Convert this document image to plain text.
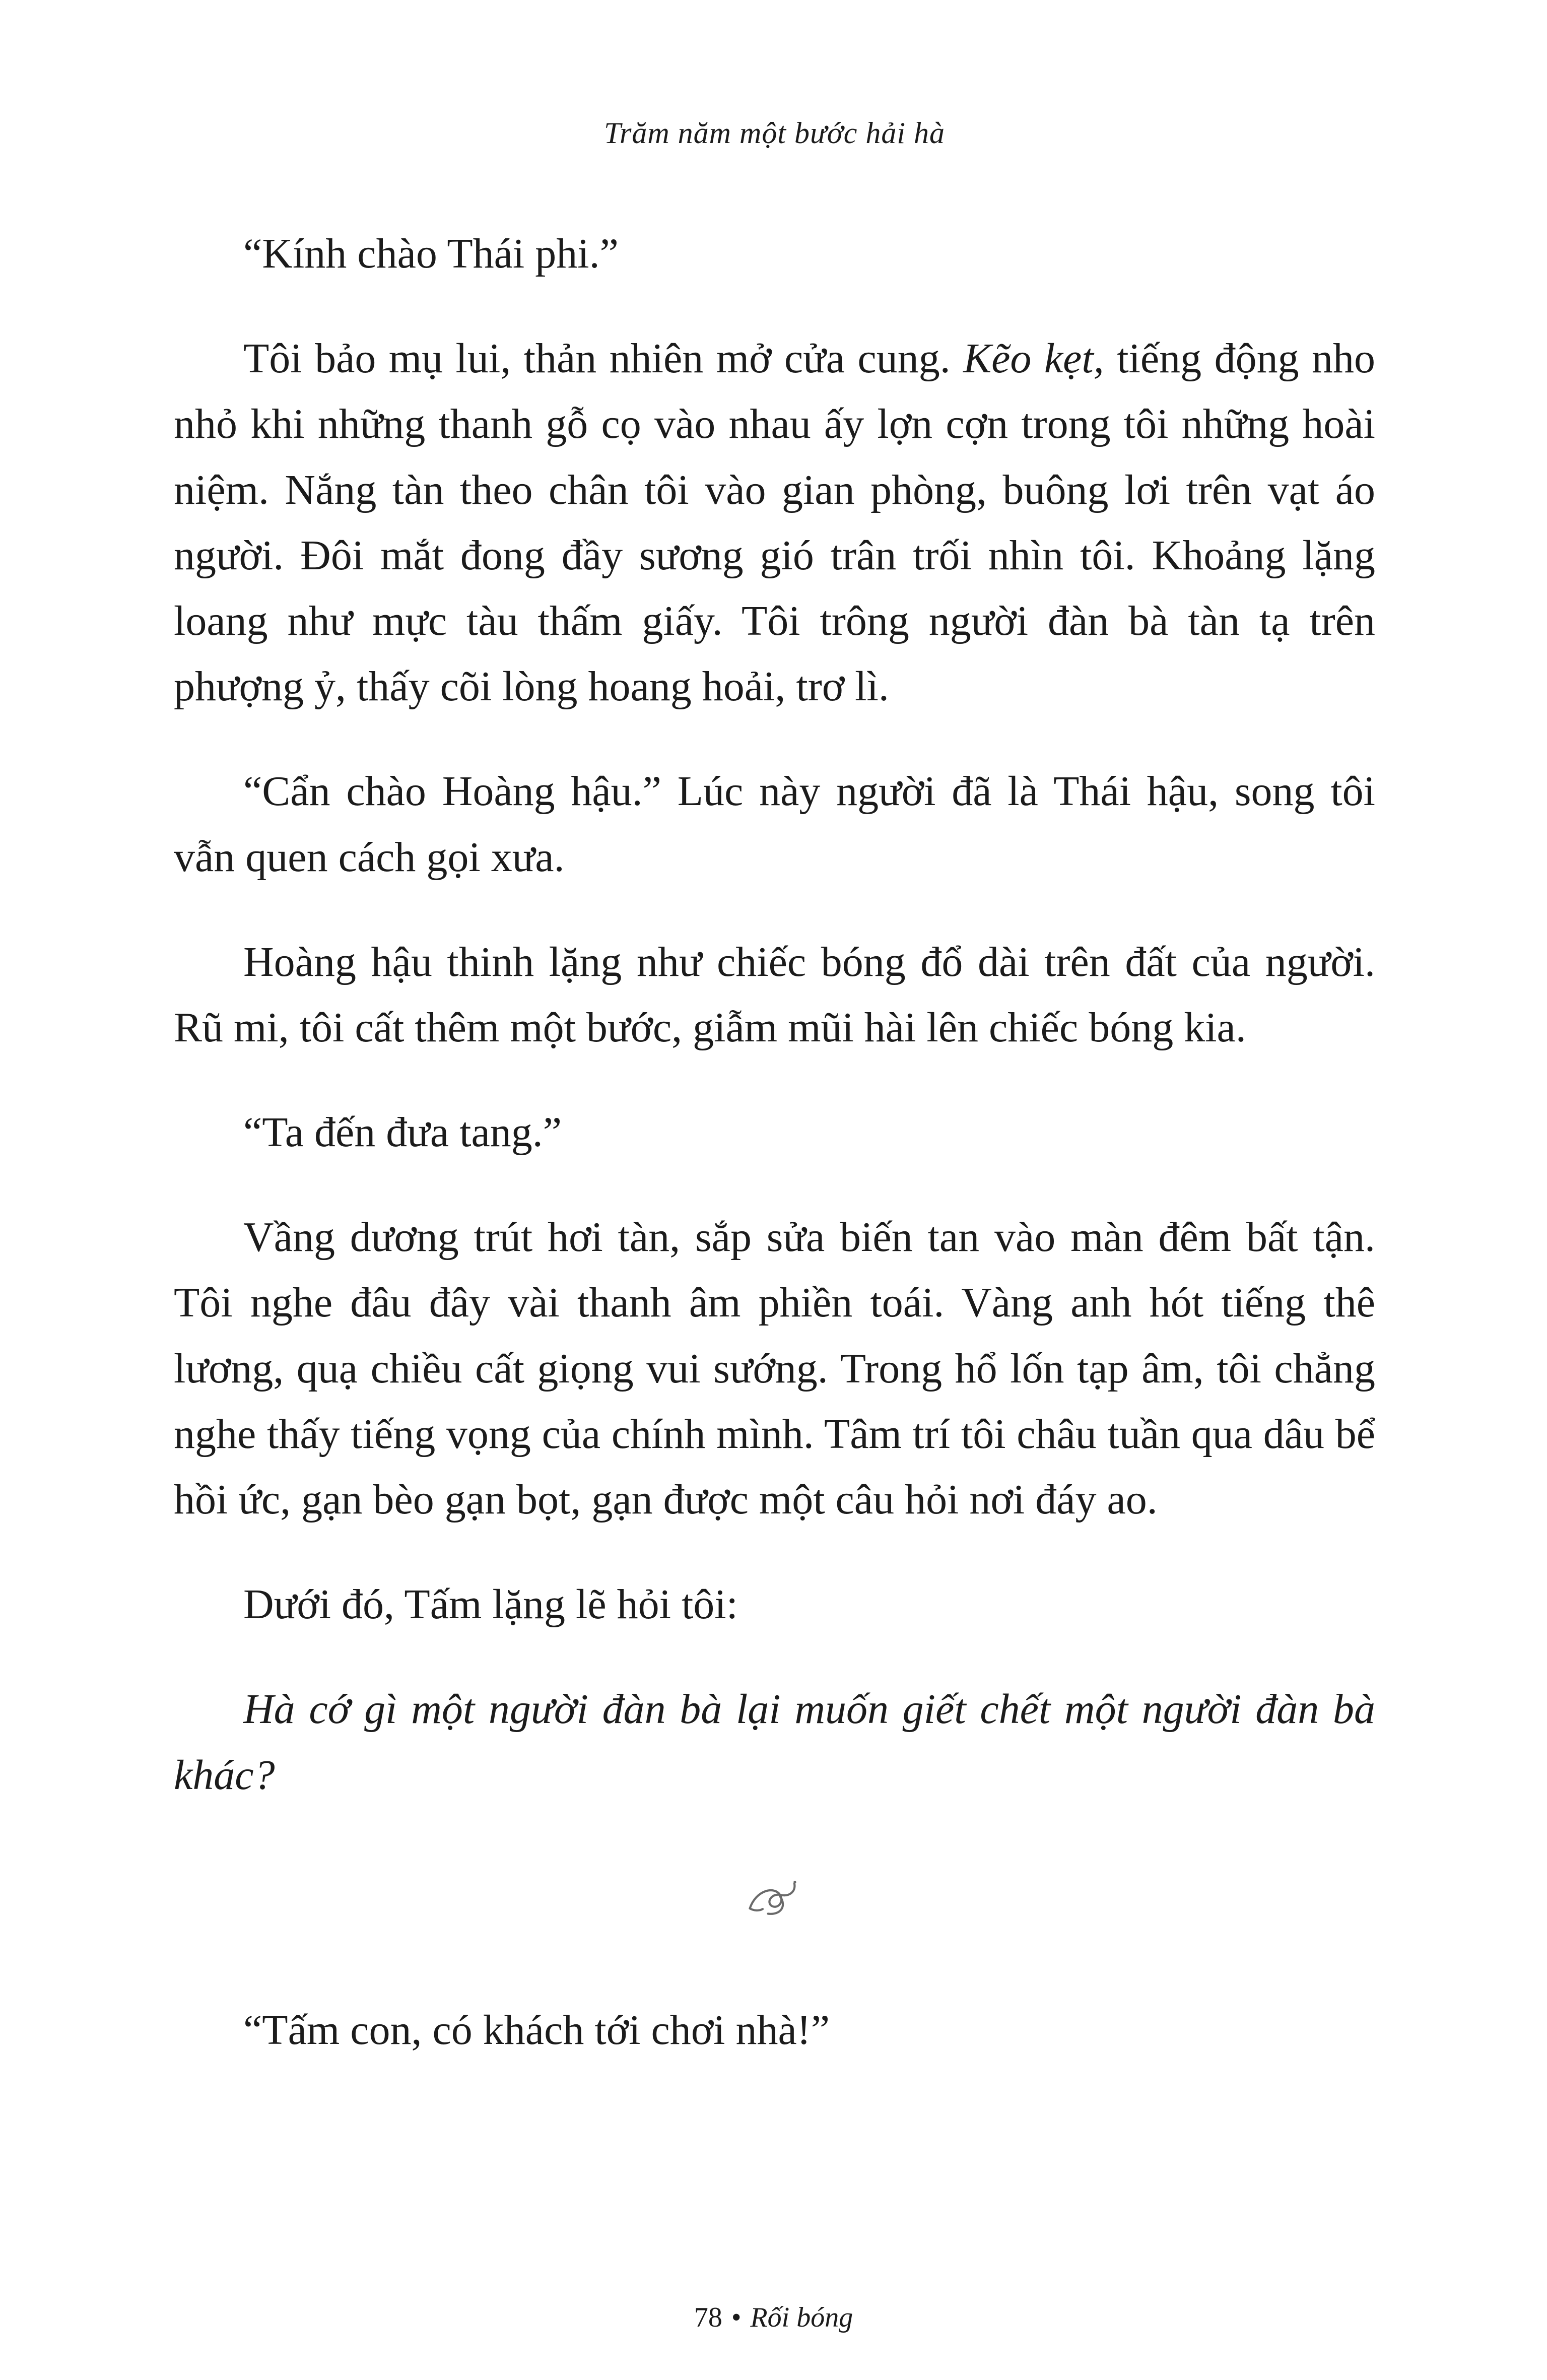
Trăm năm một bước hải hà

“Kính chào Thái phi.”

Tôi bảo mụ lui, thản nhiên mở cửa cung. Kẽo kẹt, tiếng động nho nhỏ khi những thanh gỗ cọ vào nhau ấy lợn cợn trong tôi những hoài niệm. Nắng tàn theo chân tôi vào gian phòng, buông lơi trên vạt áo người. Đôi mắt đong đầy sương gió trân trối nhìn tôi. Khoảng lặng loang như mực tàu thấm giấy. Tôi trông người đàn bà tàn tạ trên phượng ỷ, thấy cõi lòng hoang hoải, trơ lì.

“Cẩn chào Hoàng hậu.” Lúc này người đã là Thái hậu, song tôi vẫn quen cách gọi xưa.

Hoàng hậu thinh lặng như chiếc bóng đổ dài trên đất của người. Rũ mi, tôi cất thêm một bước, giẫm mũi hài lên chiếc bóng kia.

“Ta đến đưa tang.”

Vầng dương trút hơi tàn, sắp sửa biến tan vào màn đêm bất tận. Tôi nghe đâu đây vài thanh âm phiền toái. Vàng anh hót tiếng thê lương, quạ chiều cất giọng vui sướng. Trong hổ lốn tạp âm, tôi chẳng nghe thấy tiếng vọng của chính mình. Tâm trí tôi châu tuần qua dâu bể hồi ức, gạn bèo gạn bọt, gạn được một câu hỏi nơi đáy ao.

Dưới đó, Tấm lặng lẽ hỏi tôi:

Hà cớ gì một người đàn bà lại muốn giết chết một người đàn bà khác?

“Tấm con, có khách tới chơi nhà!”

78 • Rối bóng
